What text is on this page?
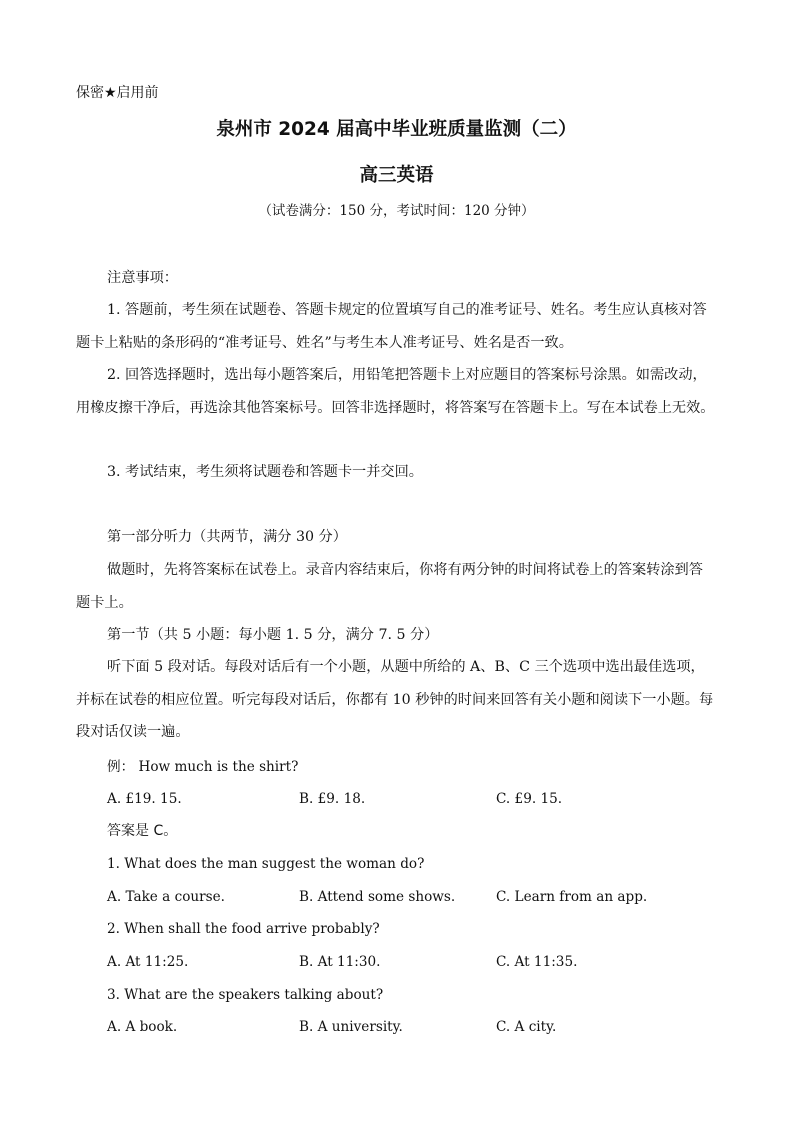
保密★启用前
泉州市 2024 届高中毕业班质量监测（二）
高三英语
（试卷满分：150 分，考试时间：120 分钟）
注意事项：
1. 答题前，考生须在试题卷、答题卡规定的位置填写自己的准考证号、姓名。考生应认真核对答题卡上粘贴的条形码的“准考证号、姓名”与考生本人准考证号、姓名是否一致。
2. 回答选择题时，选出每小题答案后，用铅笔把答题卡上对应题目的答案标号涂黑。如需改动，用橡皮擦干净后，再选涂其他答案标号。回答非选择题时，将答案写在答题卡上。写在本试卷上无效。
3. 考试结束，考生须将试题卷和答题卡一并交回。
第一部分听力（共两节，满分 30 分）
做题时，先将答案标在试卷上。录音内容结束后，你将有两分钟的时间将试卷上的答案转涂到答题卡上。
第一节（共 5 小题：每小题 1. 5 分，满分 7. 5 分）
听下面 5 段对话。每段对话后有一个小题，从题中所给的 A、B、C 三个选项中选出最佳选项，并标在试卷的相应位置。听完每段对话后，你都有 10 秒钟的时间来回答有关小题和阅读下一小题。每段对话仅读一遍。
例： How much is the shirt?
A. £19. 15.	B. £9. 18.	C. £9. 15.
答案是 C。
1. What does the man suggest the woman do?
A. Take a course.	B. Attend some shows.	C. Learn from an app.
2. When shall the food arrive probably?
A. At 11:25.	B. At 11:30.	C. At 11:35.
3. What are the speakers talking about?
A. A book.	B. A university.	C. A city.
